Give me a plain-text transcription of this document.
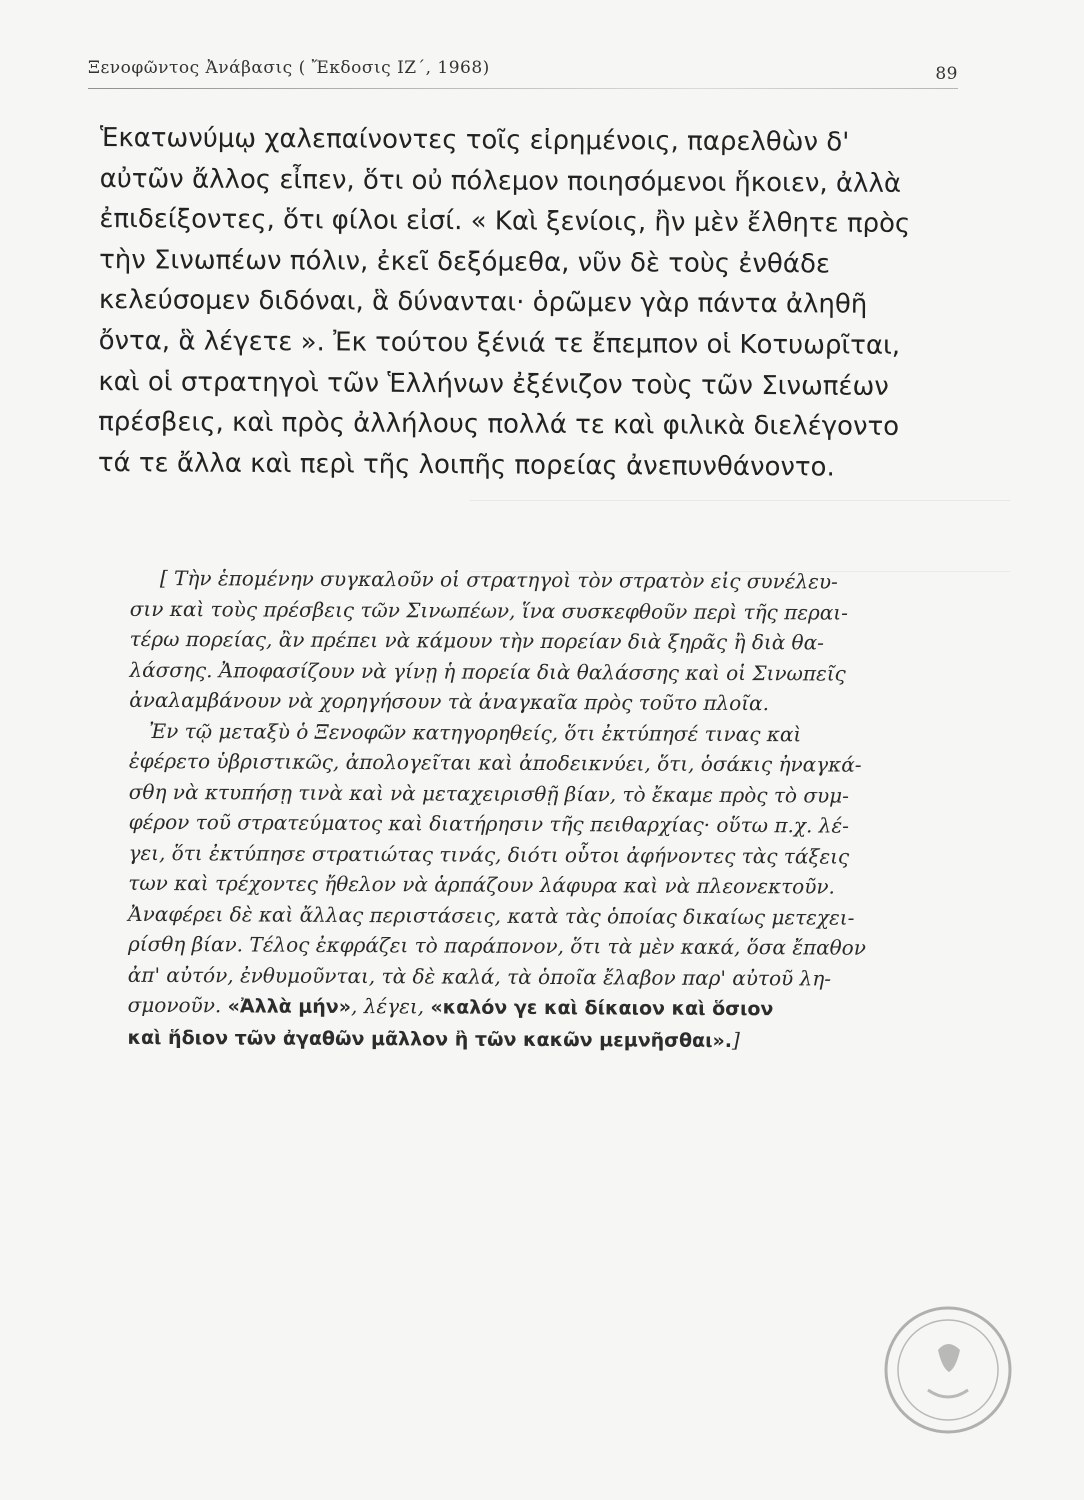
Ξενοφῶντος Ἀνάβασις ( Ἔκδοσις ΙΖ΄, 1968)	89
Ἑκατωνύμῳ χαλεπαίνοντες τοῖς εἰρημένοις, παρελθὼν δ'
αὐτῶν ἄλλος εἶπεν, ὅτι οὐ πόλεμον ποιησόμενοι ἥκοιεν, ἀλλὰ
ἐπιδείξοντες, ὅτι φίλοι εἰσί. « Καὶ ξενίοις, ἢν μὲν ἔλθητε πρὸς
τὴν Σινωπέων πόλιν, ἐκεῖ δεξόμεθα, νῦν δὲ τοὺς ἐνθάδε
κελεύσομεν διδόναι, ἃ δύνανται· ὁρῶμεν γὰρ πάντα ἀληθῆ
ὄντα, ἃ λέγετε ». Ἐκ τούτου ξένιά τε ἔπεμπον οἱ Κοτυωρῖται,
καὶ οἱ στρατηγοὶ τῶν Ἑλλήνων ἐξένιζον τοὺς τῶν Σινωπέων
πρέσβεις, καὶ πρὸς ἀλλήλους πολλά τε καὶ φιλικὰ διελέγοντο
τά τε ἄλλα καὶ περὶ τῆς λοιπῆς πορείας ἀνεπυνθάνοντο.
[ Τὴν ἑπομένην συγκαλοῦν οἱ στρατηγοὶ τὸν στρατὸν εἰς συνέλευ-
σιν καὶ τοὺς πρέσβεις τῶν Σινωπέων, ἵνα συσκεφθοῦν περὶ τῆς περαι-
τέρω πορείας, ἂν πρέπει νὰ κάμουν τὴν πορείαν διὰ ξηρᾶς ἢ διὰ θα-
λάσσης. Ἀποφασίζουν νὰ γίνῃ ἡ πορεία διὰ θαλάσσης καὶ οἱ Σινωπεῖς
ἀναλαμβάνουν νὰ χορηγήσουν τὰ ἀναγκαῖα πρὸς τοῦτο πλοῖα.
Ἐν τῷ μεταξὺ ὁ Ξενοφῶν κατηγορηθείς, ὅτι ἐκτύπησέ τινας καὶ
ἐφέρετο ὑβριστικῶς, ἀπολογεῖται καὶ ἀποδεικνύει, ὅτι, ὁσάκις ἠναγκά-
σθη νὰ κτυπήσῃ τινὰ καὶ νὰ μεταχειρισθῇ βίαν, τὸ ἔκαμε πρὸς τὸ συμ-
φέρον τοῦ στρατεύματος καὶ διατήρησιν τῆς πειθαρχίας· οὕτω π.χ. λέ-
γει, ὅτι ἐκτύπησε στρατιώτας τινάς, διότι οὗτοι ἀφήνοντες τὰς τάξεις
των καὶ τρέχοντες ἤθελον νὰ ἁρπάζουν λάφυρα καὶ νὰ πλεονεκτοῦν.
Ἀναφέρει δὲ καὶ ἄλλας περιστάσεις, κατὰ τὰς ὁποίας δικαίως μετεχει-
ρίσθη βίαν. Τέλος ἐκφράζει τὸ παράπονον, ὅτι τὰ μὲν κακά, ὅσα ἔπαθον
ἀπ' αὐτόν, ἐνθυμοῦνται, τὰ δὲ καλά, τὰ ὁποῖα ἔλαβον παρ' αὐτοῦ λη-
σμονοῦν. «Ἀλλὰ μήν», λέγει, «καλόν γε καὶ δίκαιον καὶ ὅσιον
καὶ ἥδιον τῶν ἀγαθῶν μᾶλλον ἢ τῶν κακῶν μεμνῆσθαι».]
